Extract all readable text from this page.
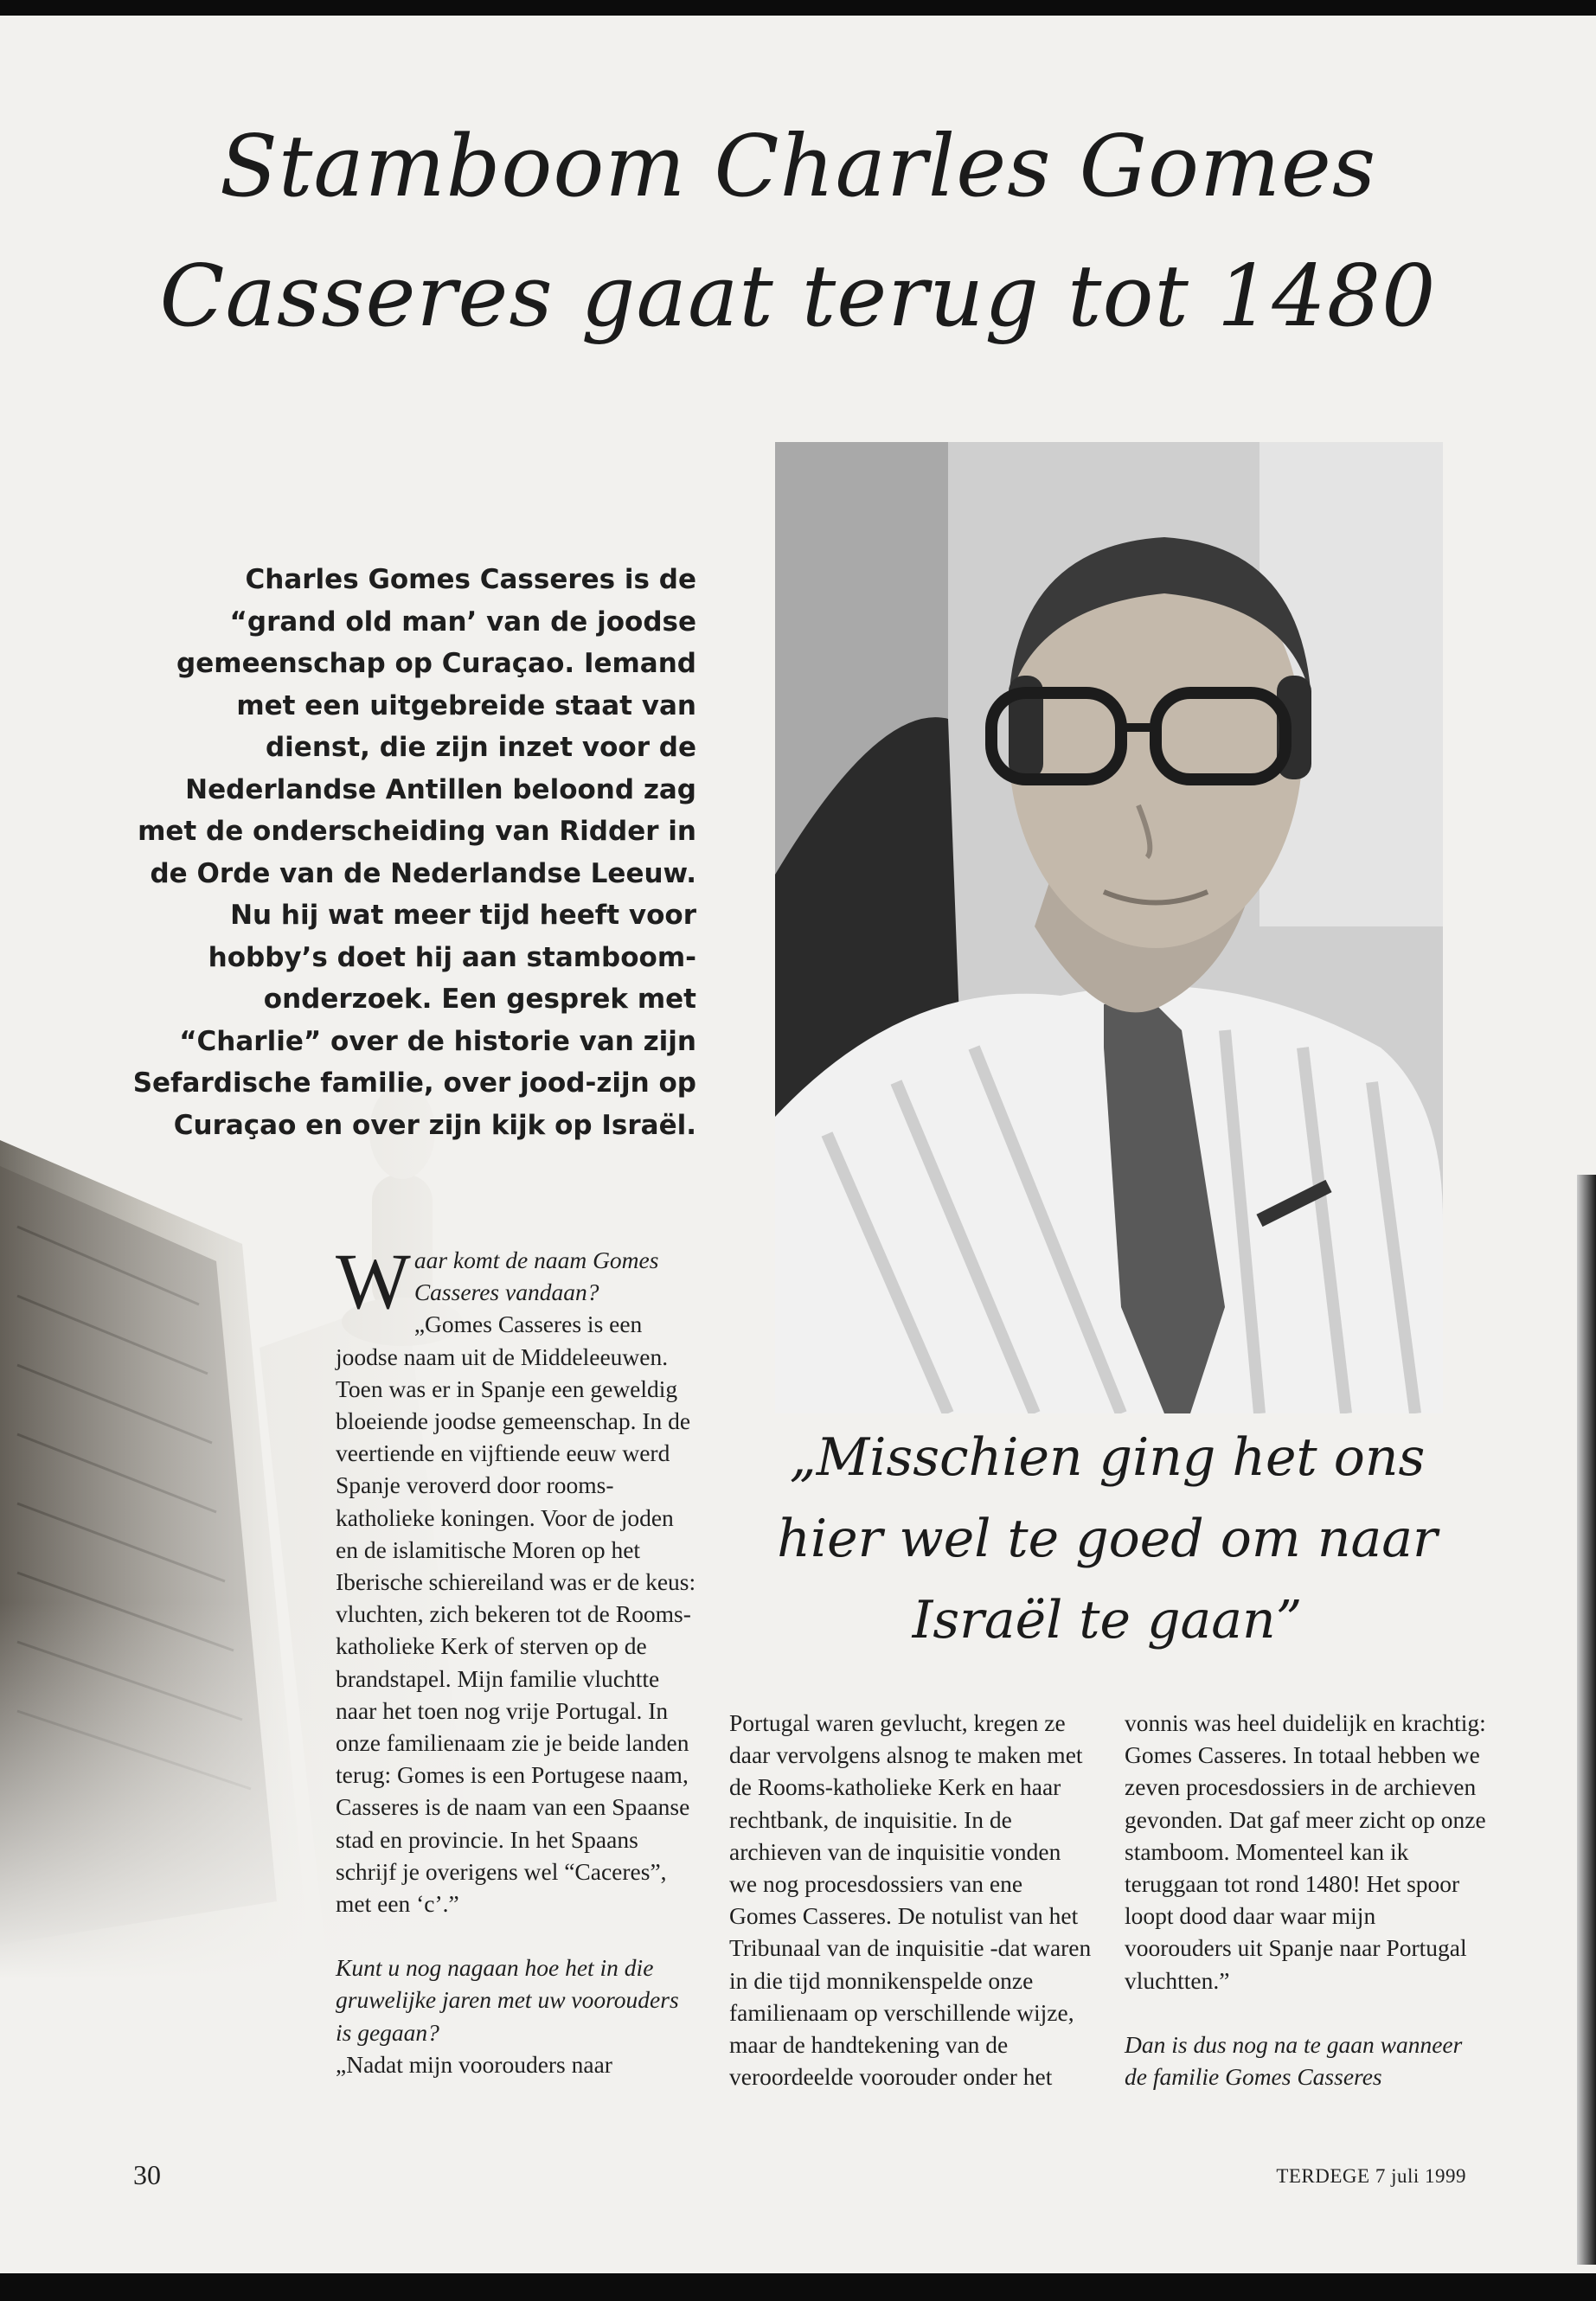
Stamboom Charles Gomes
Casseres gaat terug tot 1480

Charles Gomes Casseres is de “grand old man’ van de joodse gemeenschap op Curaçao. Iemand met een uitgebreide staat van dienst, die zijn inzet voor de Nederlandse Antillen beloond zag met de onderscheiding van Ridder in de Orde van de Nederlandse Leeuw. Nu hij wat meer tijd heeft voor hobby’s doet hij aan stamboom-onderzoek. Een gesprek met “Charlie” over de historie van zijn Sefardische familie, over jood-zijn op Curaçao en over zijn kijk op Israël.

„Misschien ging het ons
hier wel te goed om naar
Israël te gaan”

Waar komt de naam Gomes Casseres vandaan?

„Gomes Casseres is een joodse naam uit de Middeleeuwen. Toen was er in Spanje een geweldig bloeiende joodse gemeenschap. In de veertiende en vijftiende eeuw werd Spanje veroverd door rooms-katholieke koningen. Voor de joden en de islamitische Moren op het Iberische schiereiland was er de keus: vluchten, zich bekeren tot de Rooms-katholieke Kerk of sterven op de brandstapel. Mijn familie vluchtte naar het toen nog vrije Portugal. In onze familienaam zie je beide landen terug: Gomes is een Portugese naam, Casseres is de naam van een Spaanse stad en provincie. In het Spaans schrijf je overigens wel “Caceres”, met een ‘c’.”

Kunt u nog nagaan hoe het in die gruwelijke jaren met uw voorouders is gegaan?

„Nadat mijn voorouders naar

Portugal waren gevlucht, kregen ze daar vervolgens alsnog te maken met de Rooms-katholieke Kerk en haar rechtbank, de inquisitie. In de archieven van de inquisitie vonden we nog procesdossiers van ene Gomes Casseres. De notulist van het Tribunaal van de inquisitie -dat waren in die tijd monnikenspelde onze familienaam op verschillende wijze, maar de handtekening van de veroordeelde voorouder onder het

vonnis was heel duidelijk en krachtig: Gomes Casseres. In totaal hebben we zeven procesdossiers in de archieven gevonden. Dat gaf meer zicht op onze stamboom. Momenteel kan ik teruggaan tot rond 1480! Het spoor loopt dood daar waar mijn voorouders uit Spanje naar Portugal vluchtten.”

Dan is dus nog na te gaan wanneer de familie Gomes Casseres

30	TERDEGE 7 juli 1999
